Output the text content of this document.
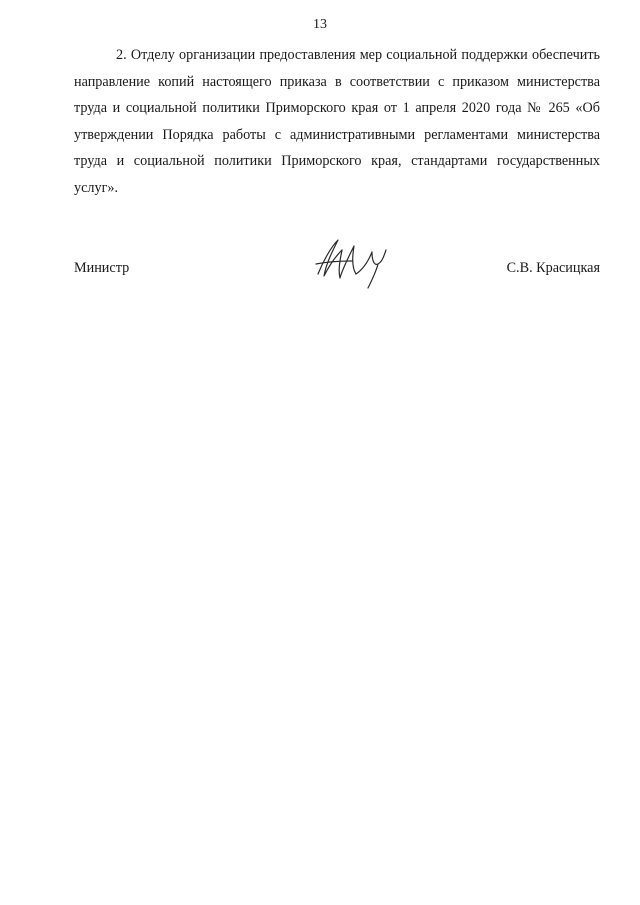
13

2. Отделу организации предоставления мер социальной поддержки обеспечить направление копий настоящего приказа в соответствии с приказом министерства труда и социальной политики Приморского края от 1 апреля 2020 года № 265 «Об утверждении Порядка работы с административными регламентами министерства труда и социальной политики Приморского края, стандартами государственных услуг».

Министр	С.В. Красицкая
